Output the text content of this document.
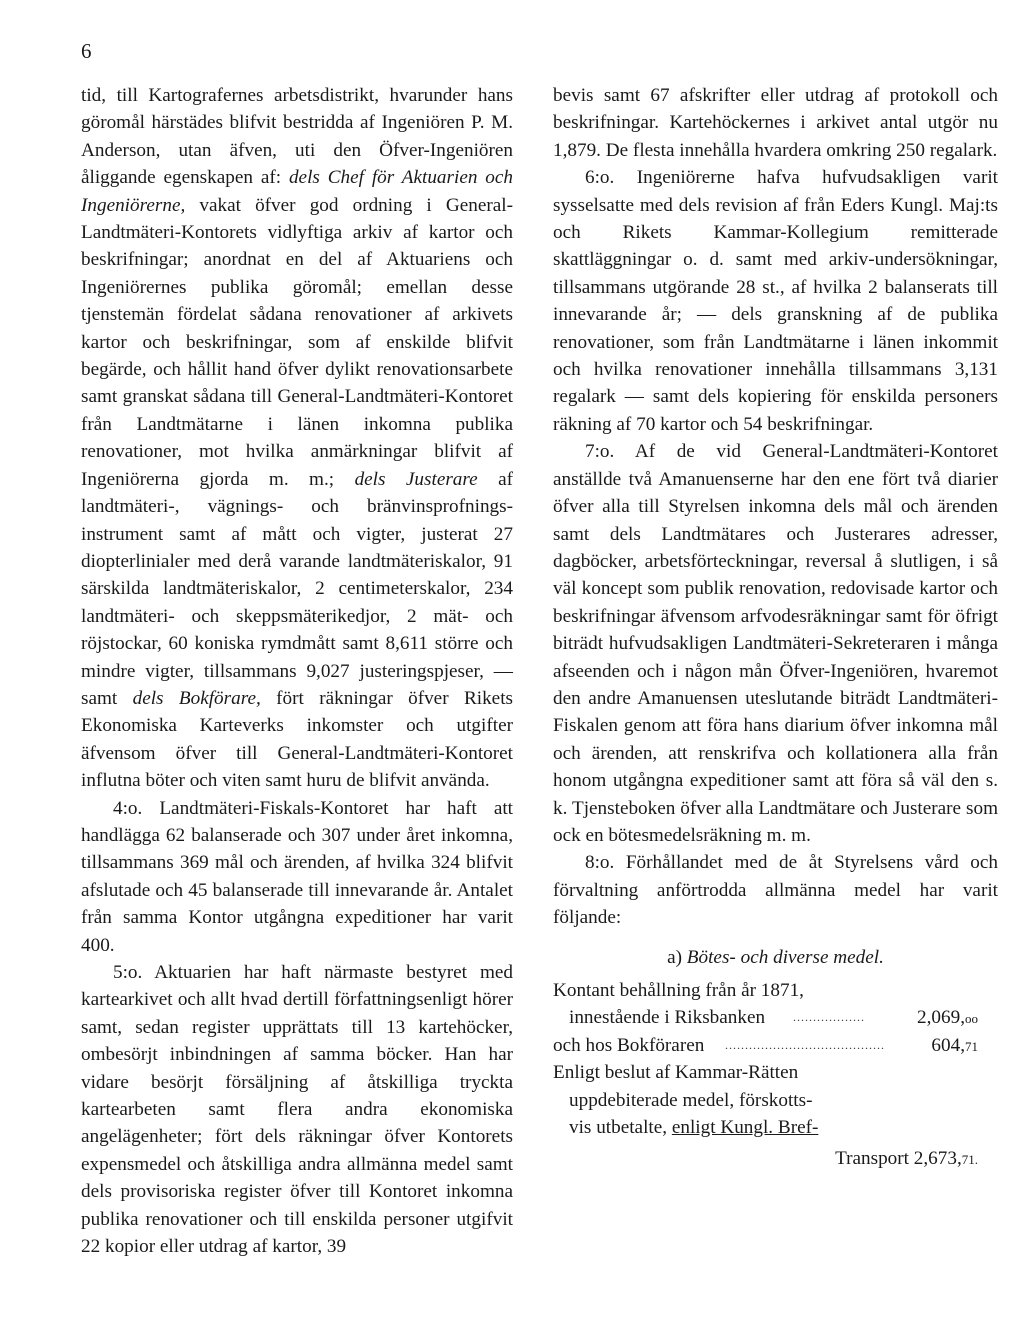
6

tid, till Kartografernes arbetsdistrikt, hvarunder hans göromål härstädes blifvit bestridda af Ingeniören P. M. Anderson, utan äfven, uti den Öfver-Ingeniören åliggande egenskapen af: dels Chef för Aktuarien och Ingeniörerne, vakat öfver god ordning i General-Landtmäteri-Kontorets vidlyftiga arkiv af kartor och beskrifningar; anordnat en del af Aktuariens och Ingeniörernes publika göromål; emellan desse tjenstemän fördelat sådana renovationer af arkivets kartor och beskrifningar, som af enskilde blifvit begärde, och hållit hand öfver dylikt renovationsarbete samt granskat sådana till General-Landtmäteri-Kontoret från Landtmätarne i länen inkomna publika renovationer, mot hvilka anmärkningar blifvit af Ingeniörerna gjorda m. m.; dels Justerare af landtmäteri-, vägnings- och bränvinsprofnings-instrument samt af mått och vigter, justerat 27 diopterlinialer med derå varande landtmäteriskalor, 91 särskilda landtmäteriskalor, 2 centimeterskalor, 234 landtmäteri- och skeppsmäterikedjor, 2 mät- och röjstockar, 60 koniska rymdmått samt 8,611 större och mindre vigter, tillsammans 9,027 justeringspjeser, — samt dels Bokförare, fört räkningar öfver Rikets Ekonomiska Karteverks inkomster och utgifter äfvensom öfver till General-Landtmäteri-Kontoret influtna böter och viten samt huru de blifvit använda.

4:o. Landtmäteri-Fiskals-Kontoret har haft att handlägga 62 balanserade och 307 under året inkomna, tillsammans 369 mål och ärenden, af hvilka 324 blifvit afslutade och 45 balanserade till innevarande år. Antalet från samma Kontor utgångna expeditioner har varit 400.

5:o. Aktuarien har haft närmaste bestyret med kartearkivet och allt hvad dertill författningsenligt hörer samt, sedan register upprättats till 13 kartehöcker, ombesörjt inbindningen af samma böcker. Han har vidare besörjt försäljning af åtskilliga tryckta kartearbeten samt flera andra ekonomiska angelägenheter; fört dels räkningar öfver Kontorets expensmedel och åtskilliga andra allmänna medel samt dels provisoriska register öfver till Kontoret inkomna publika renovationer och till enskilda personer utgifvit 22 kopior eller utdrag af kartor, 39

bevis samt 67 afskrifter eller utdrag af protokoll och beskrifningar. Kartehöckernes i arkivet antal utgör nu 1,879. De flesta innehålla hvardera omkring 250 regalark.

6:o. Ingeniörerne hafva hufvudsakligen varit sysselsatte med dels revision af från Eders Kungl. Maj:ts och Rikets Kammar-Kollegium remitterade skattläggningar o. d. samt med arkiv-undersökningar, tillsammans utgörande 28 st., af hvilka 2 balanserats till innevarande år; — dels granskning af de publika renovationer, som från Landtmätarne i länen inkommit och hvilka renovationer innehålla tillsammans 3,131 regalark — samt dels kopiering för enskilda personers räkning af 70 kartor och 54 beskrifningar.

7:o. Af de vid General-Landtmäteri-Kontoret anställde två Amanuenserne har den ene fört två diarier öfver alla till Styrelsen inkomna dels mål och ärenden samt dels Landtmätares och Justerares adresser, dagböcker, arbetsförteckningar, reversal å slutligen, i så väl koncept som publik renovation, redovisade kartor och beskrifningar äfvensom arfvodesräkningar samt för öfrigt biträdt hufvudsakligen Landtmäteri-Sekreteraren i många afseenden och i någon mån Öfver-Ingeniören, hvaremot den andre Amanuensen uteslutande biträdt Landtmäteri-Fiskalen genom att föra hans diarium öfver inkomna mål och ärenden, att renskrifva och kollationera alla från honom utgångna expeditioner samt att föra så väl den s. k. Tjensteboken öfver alla Landtmätare och Justerare som ock en bötesmedelsräkning m. m.

8:o. Förhållandet med de åt Styrelsens vård och förvaltning anförtrodda allmänna medel har varit följande:

a) Bötes- och diverse medel.
Kontant behållning från år 1871,
innestående i Riksbanken ..................	2,069,oo
och hos Bokföraren ........................................ 604,71
Enligt beslut af Kammar-Rätten
uppdebiterade medel, förskotts-
vis utbetalte, enligt Kungl. Bref-
Transport 2,673,71.
